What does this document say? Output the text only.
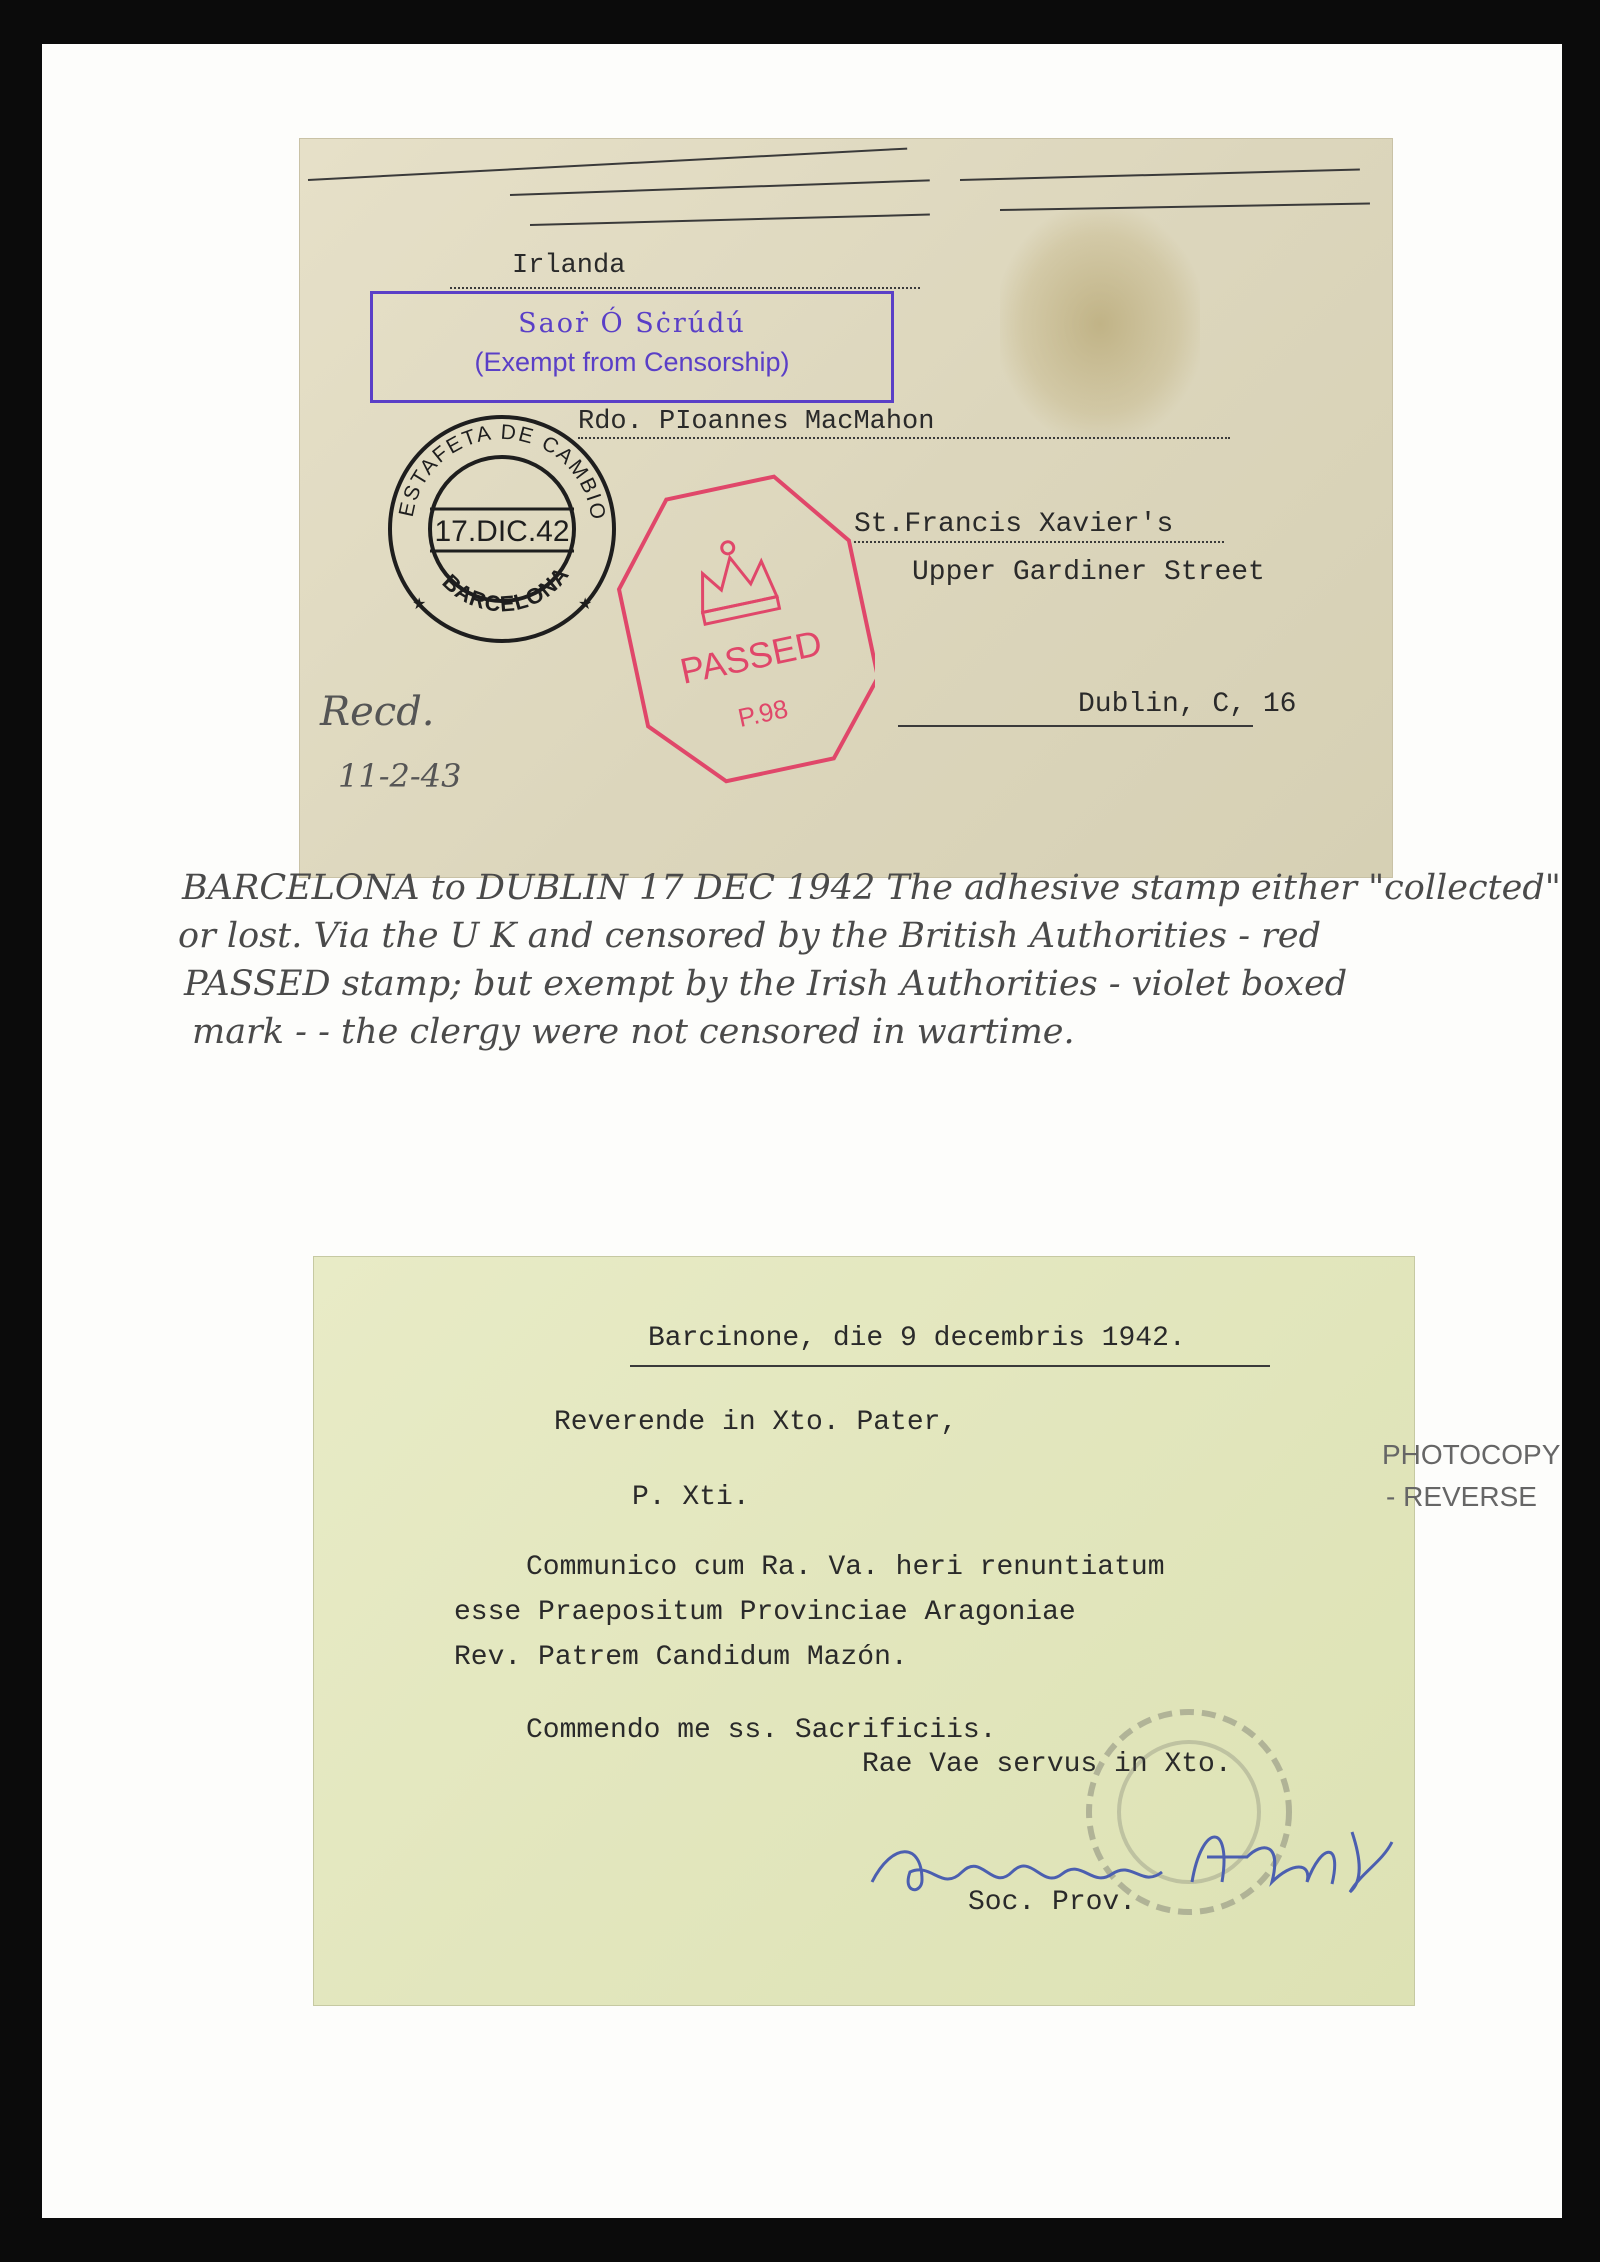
Irlanda
Saoṙ Ó Sċrúdú
(Exempt from Censorship)
Rdo. PIoannes MacMahon
ESTAFETA DE CAMBIO
17.DIC.42
BARCELONA
★	★
PASSED
P.98
St.Francis Xavier's
Upper Gardiner Street
Dublin, C, 16
Recd.
11-2-43
BARCELONA to DUBLIN 17 DEC 1942 The adhesive stamp either "collected"
or lost. Via the U K and censored by the British Authorities - red
PASSED stamp; but exempt by the Irish Authorities - violet boxed
mark - - the clergy were not censored in wartime.
Barcinone, die 9 decembris 1942.
Reverende in Xto. Pater,
P. Xti.
Communico cum Ra. Va. heri renuntiatum
esse Praepositum Provinciae Aragoniae
Rev. Patrem Candidum Mazón.
Commendo me ss. Sacrificiis.
Rae Vae servus in Xto.
Soc. Prov.
PHOTOCOPY
- REVERSE
